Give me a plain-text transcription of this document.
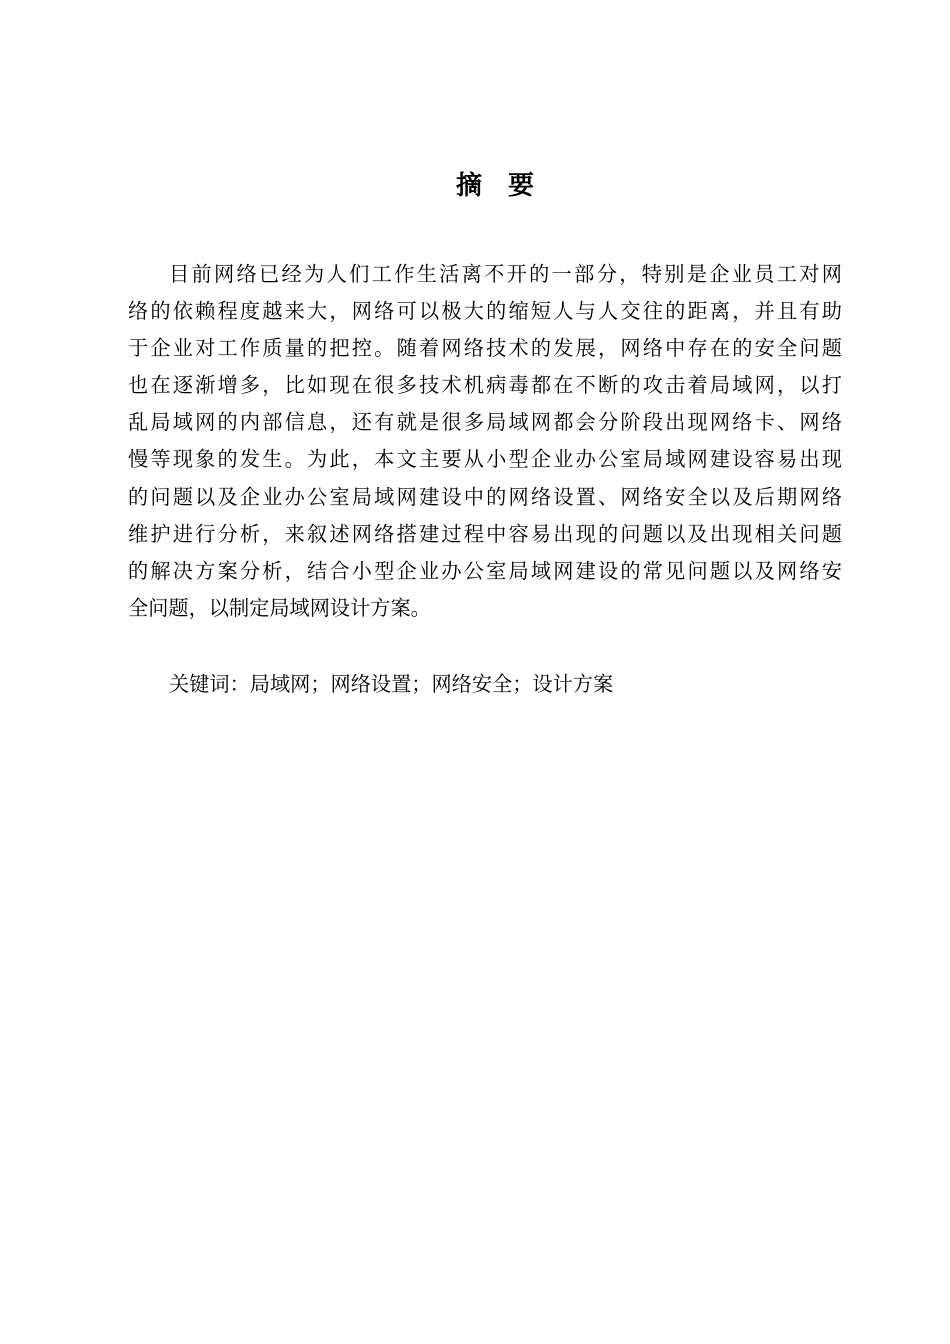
摘 要
目前网络已经为人们工作生活离不开的一部分，特别是企业员工对网
络的依赖程度越来大，网络可以极大的缩短人与人交往的距离，并且有助
于企业对工作质量的把控。随着网络技术的发展，网络中存在的安全问题
也在逐渐增多，比如现在很多技术机病毒都在不断的攻击着局域网，以打
乱局域网的内部信息，还有就是很多局域网都会分阶段出现网络卡、网络
慢等现象的发生。为此，本文主要从小型企业办公室局域网建设容易出现
的问题以及企业办公室局域网建设中的网络设置、网络安全以及后期网络
维护进行分析，来叙述网络搭建过程中容易出现的问题以及出现相关问题
的解决方案分析，结合小型企业办公室局域网建设的常见问题以及网络安
全问题，以制定局域网设计方案。
关键词：局域网；网络设置；网络安全；设计方案
